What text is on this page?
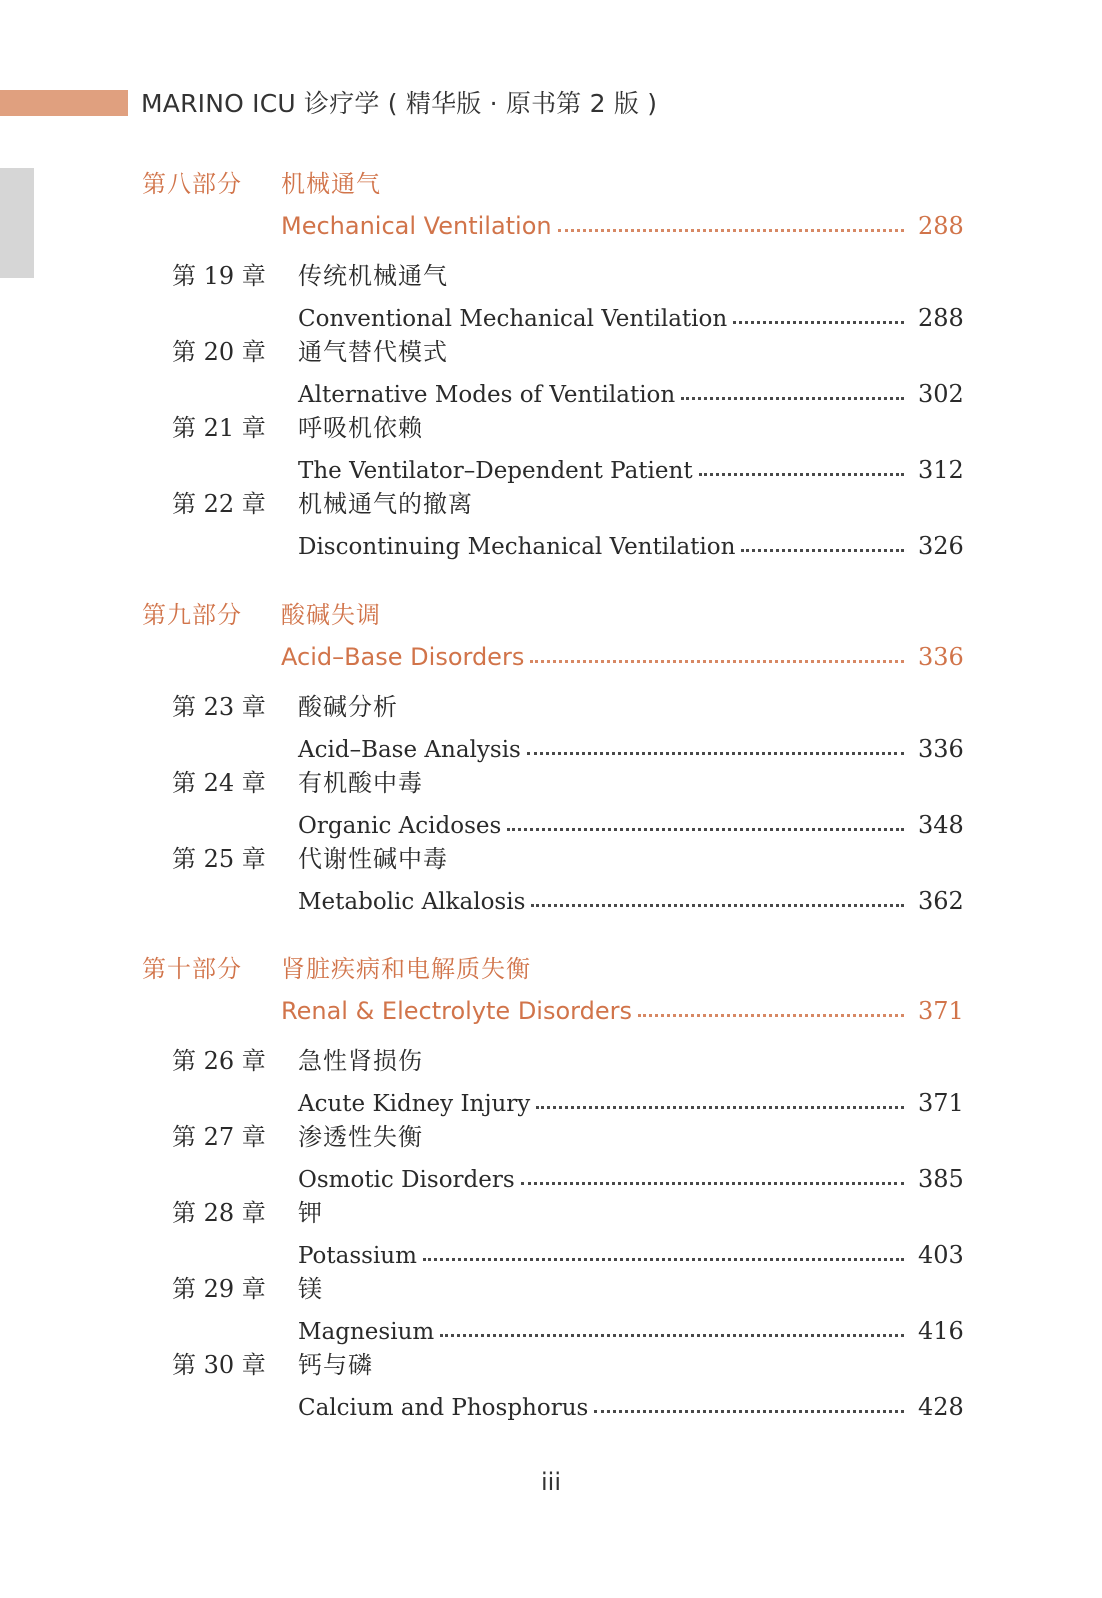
MARINO ICU 诊疗学 ( 精华版 · 原书第 2 版 )
第八部分 机械通气
Mechanical Ventilation	288
第 19 章 传统机械通气
Conventional Mechanical Ventilation	288
第 20 章 通气替代模式
Alternative Modes of Ventilation	302
第 21 章 呼吸机依赖
The Ventilator–Dependent Patient	312
第 22 章 机械通气的撤离
Discontinuing Mechanical Ventilation	326
第九部分 酸碱失调
Acid–Base Disorders	336
第 23 章 酸碱分析
Acid–Base Analysis	336
第 24 章 有机酸中毒
Organic Acidoses	348
第 25 章 代谢性碱中毒
Metabolic Alkalosis	362
第十部分 肾脏疾病和电解质失衡
Renal & Electrolyte Disorders	371
第 26 章 急性肾损伤
Acute Kidney Injury	371
第 27 章 渗透性失衡
Osmotic Disorders	385
第 28 章 钾
Potassium	403
第 29 章 镁
Magnesium	416
第 30 章 钙与磷
Calcium and Phosphorus	428
iii
